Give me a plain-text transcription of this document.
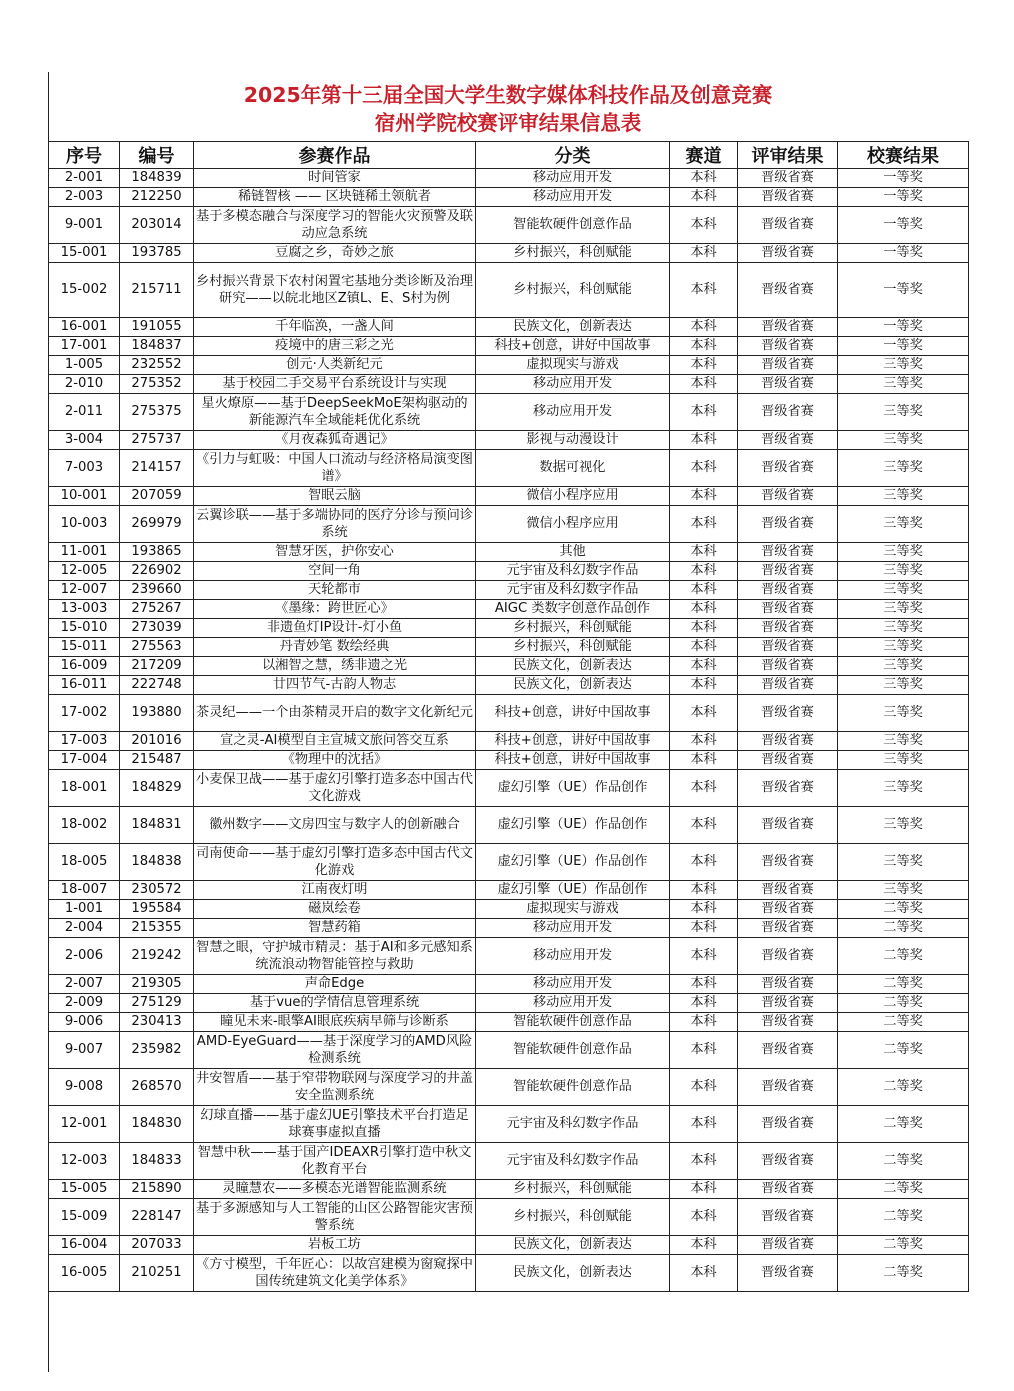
2025年第十三届全国大学生数字媒体科技作品及创意竞赛
宿州学院校赛评审结果信息表
序号	编号	参赛作品	分类	赛道	评审结果	校赛结果
2-001	184839	时间管家	移动应用开发	本科	晋级省赛	一等奖
2-003	212250	稀链智核 —— 区块链稀土领航者	移动应用开发	本科	晋级省赛	一等奖
9-001	203014	基于多模态融合与深度学习的智能火灾预警及联动应急系统	智能软硬件创意作品	本科	晋级省赛	一等奖
15-001	193785	豆腐之乡，奇妙之旅	乡村振兴，科创赋能	本科	晋级省赛	一等奖
15-002	215711	乡村振兴背景下农村闲置宅基地分类诊断及治理研究——以皖北地区Z镇L、E、S村为例	乡村振兴，科创赋能	本科	晋级省赛	一等奖
16-001	191055	千年临涣，一盏人间	民族文化，创新表达	本科	晋级省赛	一等奖
17-001	184837	疫境中的唐三彩之光	科技+创意，讲好中国故事	本科	晋级省赛	一等奖
1-005	232552	创元·人类新纪元	虚拟现实与游戏	本科	晋级省赛	三等奖
2-010	275352	基于校园二手交易平台系统设计与实现	移动应用开发	本科	晋级省赛	三等奖
2-011	275375	星火燎原——基于DeepSeekMoE架构驱动的新能源汽车全域能耗优化系统	移动应用开发	本科	晋级省赛	三等奖
3-004	275737	《月夜森狐奇遇记》	影视与动漫设计	本科	晋级省赛	三等奖
7-003	214157	《引力与虹吸：中国人口流动与经济格局演变图谱》	数据可视化	本科	晋级省赛	三等奖
10-001	207059	智眠云脑	微信小程序应用	本科	晋级省赛	三等奖
10-003	269979	云翼诊联——基于多端协同的医疗分诊与预问诊系统	微信小程序应用	本科	晋级省赛	三等奖
11-001	193865	智慧牙医，护你安心	其他	本科	晋级省赛	三等奖
12-005	226902	空间一角	元宇宙及科幻数字作品	本科	晋级省赛	三等奖
12-007	239660	天轮都市	元宇宙及科幻数字作品	本科	晋级省赛	三等奖
13-003	275267	《墨缘：跨世匠心》	AIGC 类数字创意作品创作	本科	晋级省赛	三等奖
15-010	273039	非遗鱼灯IP设计-灯小鱼	乡村振兴，科创赋能	本科	晋级省赛	三等奖
15-011	275563	丹青妙笔 数绘经典	乡村振兴，科创赋能	本科	晋级省赛	三等奖
16-009	217209	以湘智之慧，绣非遗之光	民族文化，创新表达	本科	晋级省赛	三等奖
16-011	222748	廿四节气-古韵人物志	民族文化，创新表达	本科	晋级省赛	三等奖
17-002	193880	茶灵纪——一个由茶精灵开启的数字文化新纪元	科技+创意，讲好中国故事	本科	晋级省赛	三等奖
17-003	201016	宣之灵-AI模型自主宣城文旅问答交互系	科技+创意，讲好中国故事	本科	晋级省赛	三等奖
17-004	215487	《物理中的沈括》	科技+创意，讲好中国故事	本科	晋级省赛	三等奖
18-001	184829	小麦保卫战——基于虚幻引擎打造多态中国古代文化游戏	虚幻引擎（UE）作品创作	本科	晋级省赛	三等奖
18-002	184831	徽州数字——文房四宝与数字人的创新融合	虚幻引擎（UE）作品创作	本科	晋级省赛	三等奖
18-005	184838	司南使命——基于虚幻引擎打造多态中国古代文化游戏	虚幻引擎（UE）作品创作	本科	晋级省赛	三等奖
18-007	230572	江南夜灯明	虚幻引擎（UE）作品创作	本科	晋级省赛	三等奖
1-001	195584	磁岚绘卷	虚拟现实与游戏	本科	晋级省赛	二等奖
2-004	215355	智慧药箱	移动应用开发	本科	晋级省赛	二等奖
2-006	219242	智慧之眼，守护城市精灵：基于AI和多元感知系统流浪动物智能管控与救助	移动应用开发	本科	晋级省赛	二等奖
2-007	219305	声命Edge	移动应用开发	本科	晋级省赛	二等奖
2-009	275129	基于vue的学情信息管理系统	移动应用开发	本科	晋级省赛	二等奖
9-006	230413	瞳见未来-眼擎AI眼底疾病早筛与诊断系	智能软硬件创意作品	本科	晋级省赛	二等奖
9-007	235982	AMD-EyeGuard——基于深度学习的AMD风险检测系统	智能软硬件创意作品	本科	晋级省赛	二等奖
9-008	268570	井安智盾——基于窄带物联网与深度学习的井盖安全监测系统	智能软硬件创意作品	本科	晋级省赛	二等奖
12-001	184830	幻球直播——基于虚幻UE引擎技术平台打造足球赛事虚拟直播	元宇宙及科幻数字作品	本科	晋级省赛	二等奖
12-003	184833	智慧中秋——基于国产IDEAXR引擎打造中秋文化教育平台	元宇宙及科幻数字作品	本科	晋级省赛	二等奖
15-005	215890	灵瞳慧农——多模态光谱智能监测系统	乡村振兴，科创赋能	本科	晋级省赛	二等奖
15-009	228147	基于多源感知与人工智能的山区公路智能灾害预警系统	乡村振兴，科创赋能	本科	晋级省赛	二等奖
16-004	207033	岩板工坊	民族文化，创新表达	本科	晋级省赛	二等奖
16-005	210251	《方寸模型，千年匠心：以故宫建模为窗窥探中国传统建筑文化美学体系》	民族文化，创新表达	本科	晋级省赛	二等奖
